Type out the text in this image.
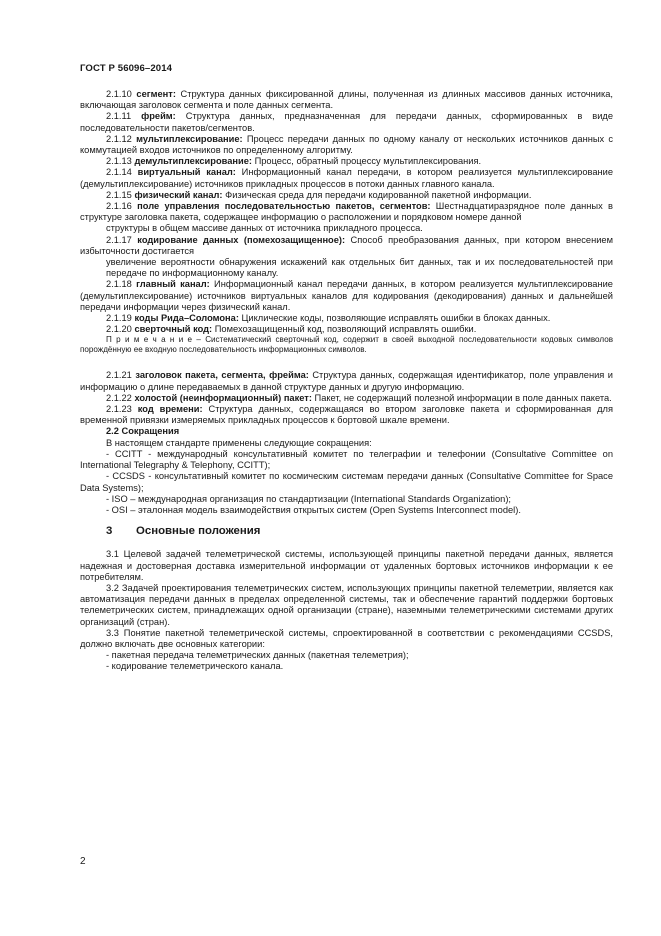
ГОСТ Р 56096–2014

2.1.10 сегмент: Структура данных фиксированной длины, полученная из длинных массивов данных источника, включающая заголовок сегмента и поле данных сегмента.

2.1.11 фрейм: Структура данных, предназначенная для передачи данных, сформированных в виде последовательности пакетов/сегментов.

2.1.12 мультиплексирование: Процесс передачи данных по одному каналу от нескольких источников данных с коммутацией входов источников по определенному алгоритму.

2.1.13 демультиплексирование: Процесс, обратный процессу мультиплексирования.

2.1.14 виртуальный канал: Информационный канал передачи, в котором реализуется мультиплексирование (демультиплексирование) источников прикладных процессов в потоки данных главного канала.

2.1.15 физический канал: Физическая среда для передачи кодированной пакетной информации.

2.1.16 поле управления последовательностью пакетов, сегментов: Шестнадцатиразрядное поле данных в структуре заголовка пакета, содержащее информацию о расположении и порядковом номере данной

структуры в общем массиве данных от источника прикладного процесса.

2.1.17 кодирование данных (помехозащищенное): Способ преобразования данных, при котором внесением избыточности достигается

увеличение вероятности обнаружения искажений как отдельных бит данных, так и их последовательностей при передаче по информационному каналу.

2.1.18 главный канал: Информационный канал передачи данных, в котором реализуется мультиплексирование (демультиплексирование) источников виртуальных каналов для кодирования (декодирования) данных и дальнейшей передачи информации через физический канал.

2.1.19 коды Рида–Соломона: Циклические коды, позволяющие исправлять ошибки в блоках данных.

2.1.20 сверточный код: Помехозащищенный код, позволяющий исправлять ошибки.

П р и м е ч а н и е – Систематический сверточный код, содержит в своей выходной последовательности кодовых символов порождённую ее входную последовательность информационных символов.

2.1.21 заголовок пакета, сегмента, фрейма: Структура данных, содержащая идентификатор, поле управления и информацию о длине передаваемых в данной структуре данных и другую информацию.

2.1.22 холостой (неинформационный) пакет: Пакет, не содержащий полезной информации в поле данных пакета.

2.1.23 код времени: Структура данных, содержащаяся во втором заголовке пакета и сформированная для временной привязки измеряемых прикладных процессов к бортовой шкале времени.

2.2 Сокращения

В настоящем стандарте применены следующие сокращения:

- CCITT - международный консультативный комитет по телеграфии и телефонии (Consultative Committee on International Telegraphy & Telephony, CCITT);

- CCSDS - консультативный комитет по космическим системам передачи данных (Consultative Committee for Space Data Systems);

- ISO – международная организация по стандартизации (International Standards Organization);

- OSI – эталонная модель взаимодействия открытых систем (Open Systems Interconnect model).

3 Основные положения

3.1 Целевой задачей телеметрической системы, использующей принципы пакетной передачи данных, является надежная и достоверная доставка измерительной информации от удаленных бортовых источников информации к ее потребителям.

3.2 Задачей проектирования телеметрических систем, использующих принципы пакетной телеметрии, является как автоматизация передачи данных в пределах определенной системы, так и обеспечение гарантий поддержки бортовых телеметрических систем, принадлежащих одной организации (стране), наземными телеметрическими системами других организаций (стран).

3.3 Понятие пакетной телеметрической системы, спроектированной в соответствии с рекомендациями CCSDS, должно включать две основных категории:

- пакетная передача телеметрических данных (пакетная телеметрия);

- кодирование телеметрического канала.

2
